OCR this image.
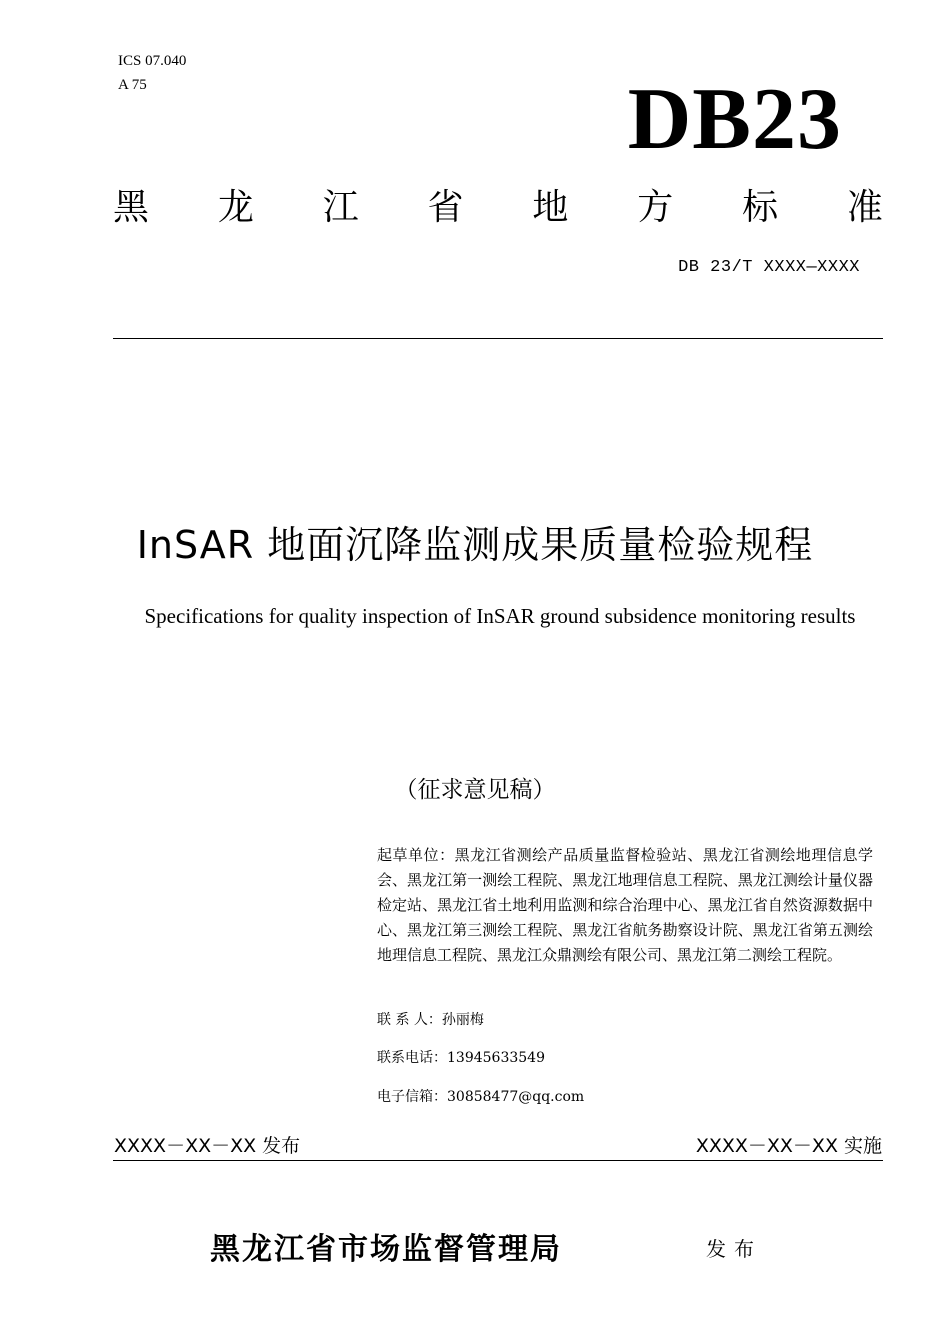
ICS 07.040
A 75	DB23
黑 龙 江 省 地 方 标 准
DB 23/T XXXX—XXXX
InSAR 地面沉降监测成果质量检验规程
Specifications for quality inspection of InSAR ground subsidence monitoring results
（征求意见稿）
起草单位：黑龙江省测绘产品质量监督检验站、黑龙江省测绘地理信息学会、黑龙江第一测绘工程院、黑龙江地理信息工程院、黑龙江测绘计量仪器检定站、黑龙江省土地利用监测和综合治理中心、黑龙江省自然资源数据中心、黑龙江第三测绘工程院、黑龙江省航务勘察设计院、黑龙江省第五测绘地理信息工程院、黑龙江众鼎测绘有限公司、黑龙江第二测绘工程院。
联 系 人：孙丽梅
联系电话：13945633549
电子信箱：30858477@qq.com
XXXX－XX－XX 发布	XXXX－XX－XX 实施
黑龙江省市场监督管理局	发布
